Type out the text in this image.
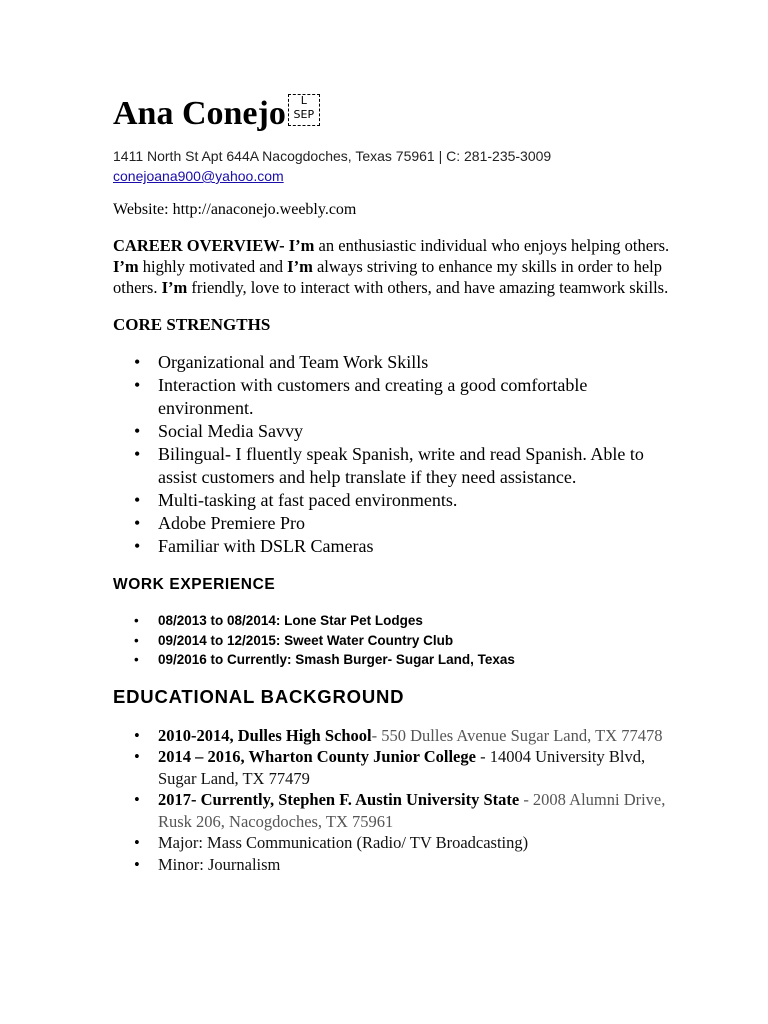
Ana Conejo
L SEP
1411 North St Apt 644A Nacogdoches, Texas 75961 | C: 281-235-3009
conejoana900@yahoo.com
Website: http://anaconejo.weebly.com
CAREER OVERVIEW- I’m an enthusiastic individual who enjoys helping others. I’m highly motivated and I’m always striving to enhance my skills in order to help others. I’m friendly, love to interact with others, and have amazing teamwork skills.
CORE STRENGTHS
• Organizational and Team Work Skills
• Interaction with customers and creating a good comfortable environment.
• Social Media Savvy
• Bilingual- I fluently speak Spanish, write and read Spanish. Able to assist customers and help translate if they need assistance.
• Multi-tasking at fast paced environments.
• Adobe Premiere Pro
• Familiar with DSLR Cameras
WORK EXPERIENCE
• 08/2013 to 08/2014: Lone Star Pet Lodges
• 09/2014 to 12/2015: Sweet Water Country Club
• 09/2016 to Currently: Smash Burger- Sugar Land, Texas
EDUCATIONAL BACKGROUND
• 2010-2014, Dulles High School- 550 Dulles Avenue Sugar Land, TX 77478
• 2014 – 2016, Wharton County Junior College - 14004 University Blvd, Sugar Land, TX 77479
• 2017- Currently, Stephen F. Austin University State - 2008 Alumni Drive, Rusk 206, Nacogdoches, TX 75961
• Major: Mass Communication (Radio/ TV Broadcasting)
• Minor: Journalism
